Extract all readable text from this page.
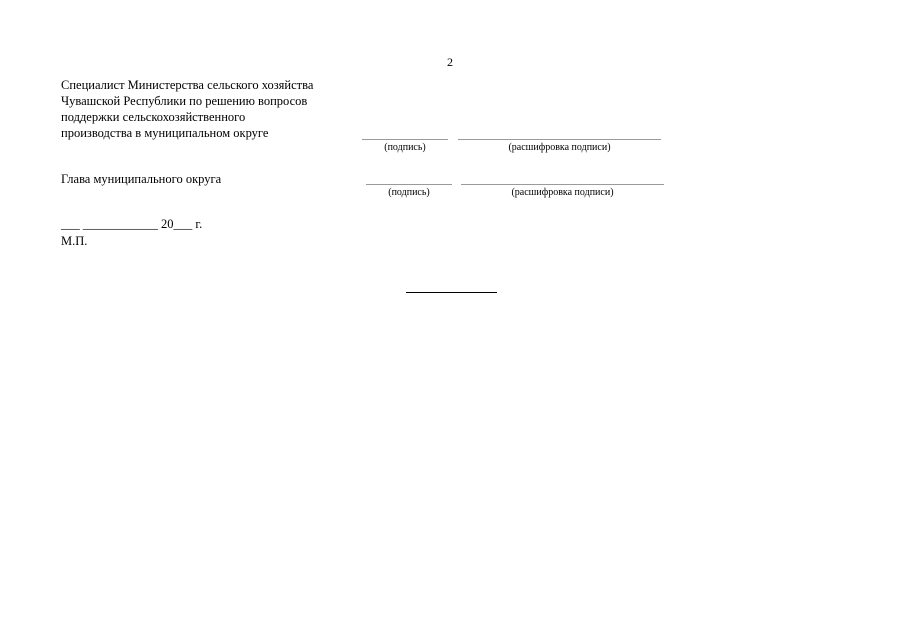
2
Специалист Министерства сельского хозяйства
Чувашской Республики по решению вопросов
поддержки сельскохозяйственного
производства в муниципальном округе
(подпись)	(расшифровка подписи)
Глава муниципального округа
(подпись)	(расшифровка подписи)
___ ____________ 20___ г.
М.П.
